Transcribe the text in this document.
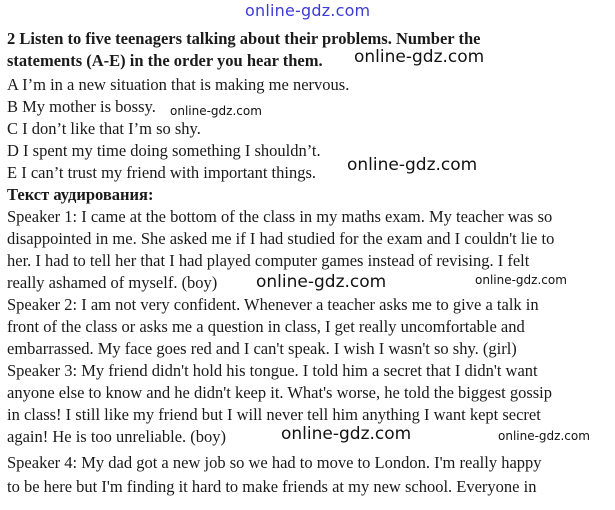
online-gdz.com
2 Listen to five teenagers talking about their problems. Number the
statements (A-E) in the order you hear them.
A I’m in a new situation that is making me nervous.
B My mother is bossy.
C I don’t like that I’m so shy.
D I spent my time doing something I shouldn’t.
E I can’t trust my friend with important things.
Текст аудирования:
Speaker 1: I came at the bottom of the class in my maths exam. My teacher was so
disappointed in me. She asked me if I had studied for the exam and I couldn't lie to
her. I had to tell her that I had played computer games instead of revising. I felt
really ashamed of myself. (boy)
Speaker 2: I am not very confident. Whenever a teacher asks me to give a talk in
front of the class or asks me a question in class, I get really uncomfortable and
embarrassed. My face goes red and I can't speak. I wish I wasn't so shy. (girl)
Speaker 3: My friend didn't hold his tongue. I told him a secret that I didn't want
anyone else to know and he didn't keep it. What's worse, he told the biggest gossip
in class! I still like my friend but I will never tell him anything I want kept secret
again! He is too unreliable. (boy)
Speaker 4: My dad got a new job so we had to move to London. I'm really happy
to be here but I'm finding it hard to make friends at my new school. Everyone in
online-gdz.com
online-gdz.com
online-gdz.com
online-gdz.com	online-gdz.com
online-gdz.com	online-gdz.com
